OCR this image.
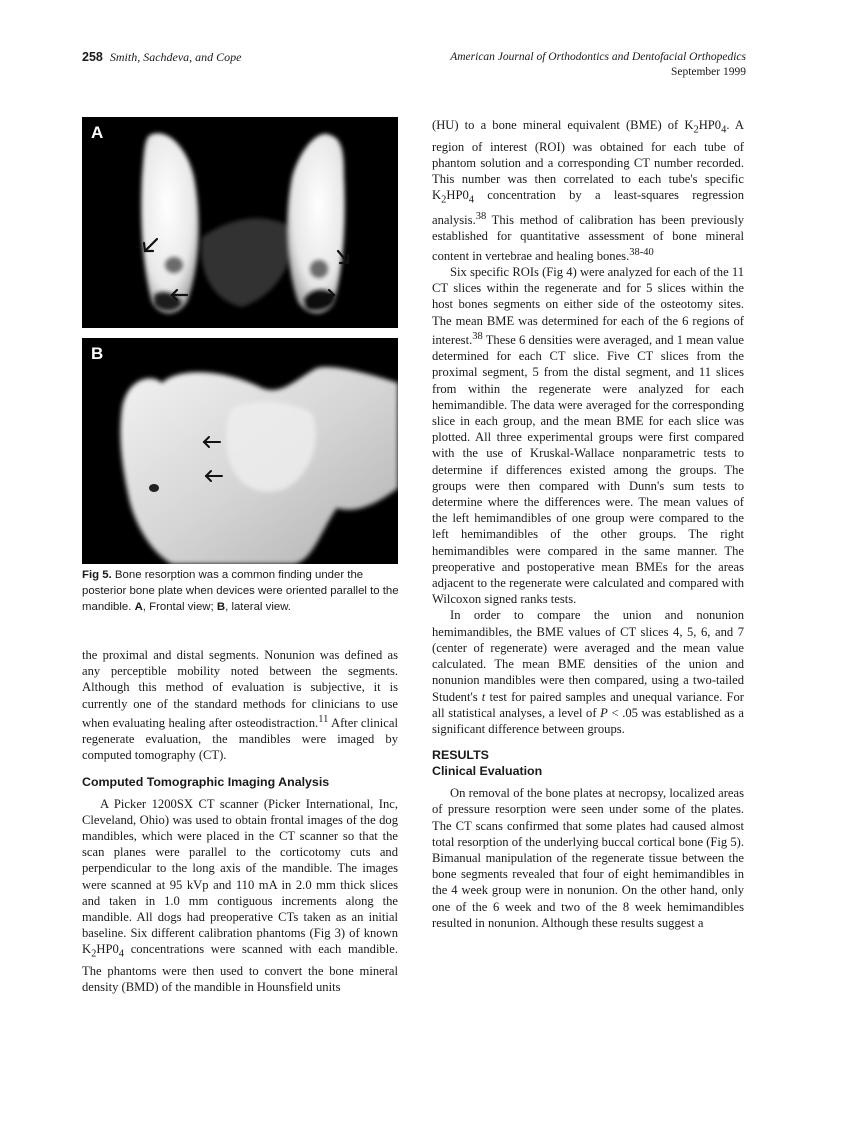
258 Smith, Sachdeva, and Cope	American Journal of Orthodontics and Dentofacial Orthopedics
September 1999
A
B
Fig 5. Bone resorption was a common finding under the posterior bone plate when devices were oriented parallel to the mandible. A, Frontal view; B, lateral view.

the proximal and distal segments. Nonunion was defined as any perceptible mobility noted between the segments. Although this method of evaluation is subjective, it is currently one of the standard methods for clinicians to use when evaluating healing after osteodistraction.$^{11}$ After clinical regenerate evaluation, the mandibles were imaged by computed tomography (CT).

Computed Tomographic Imaging Analysis

A Picker 1200SX CT scanner (Picker International, Inc, Cleveland, Ohio) was used to obtain frontal images of the dog mandibles, which were placed in the CT scanner so that the scan planes were parallel to the corticotomy cuts and perpendicular to the long axis of the mandible. The images were scanned at 95 kVp and 110 mA in 2.0 mm thick slices and taken in 1.0 mm contiguous increments along the mandible. All dogs had preoperative CTs taken as an initial baseline. Six different calibration phantoms (Fig 3) of known $K_2HP0_4$ concentrations were scanned with each mandible. The phantoms were then used to convert the bone mineral density (BMD) of the mandible in Hounsfield units

(HU) to a bone mineral equivalent (BME) of $K_2HP0_4$. A region of interest (ROI) was obtained for each tube of phantom solution and a corresponding CT number recorded. This number was then correlated to each tube's specific $K_2HP0_4$ concentration by a least-squares regression analysis.$^{38}$ This method of calibration has been previously established for quantitative assessment of bone mineral content in vertebrae and healing bones.$^{38-40}$

Six specific ROIs (Fig 4) were analyzed for each of the 11 CT slices within the regenerate and for 5 slices within the host bones segments on either side of the osteotomy sites. The mean BME was determined for each of the 6 regions of interest.$^{38}$ These 6 densities were averaged, and 1 mean value determined for each CT slice. Five CT slices from the proximal segment, 5 from the distal segment, and 11 slices from within the regenerate were analyzed for each hemimandible. The data were averaged for the corresponding slice in each group, and the mean BME for each slice was plotted. All three experimental groups were first compared with the use of Kruskal-Wallace nonparametric tests to determine if differences existed among the groups. The groups were then compared with Dunn's sum tests to determine where the differences were. The mean values of the left hemimandibles of one group were compared to the left hemimandibles of the other groups. The right hemimandibles were compared in the same manner. The preoperative and postoperative mean BMEs for the areas adjacent to the regenerate were calculated and compared with Wilcoxon signed ranks tests.

In order to compare the union and nonunion hemimandibles, the BME values of CT slices 4, 5, 6, and 7 (center of regenerate) were averaged and the mean value calculated. The mean BME densities of the union and nonunion mandibles were then compared, using a two-tailed Student's t test for paired samples and unequal variance. For all statistical analyses, a level of P < .05 was established as a significant difference between groups.

RESULTS
Clinical Evaluation

On removal of the bone plates at necropsy, localized areas of pressure resorption were seen under some of the plates. The CT scans confirmed that some plates had caused almost total resorption of the underlying buccal cortical bone (Fig 5). Bimanual manipulation of the regenerate tissue between the bone segments revealed that four of eight hemimandibles in the 4 week group were in nonunion. On the other hand, only one of the 6 week and two of the 8 week hemimandibles resulted in nonunion. Although these results suggest a
